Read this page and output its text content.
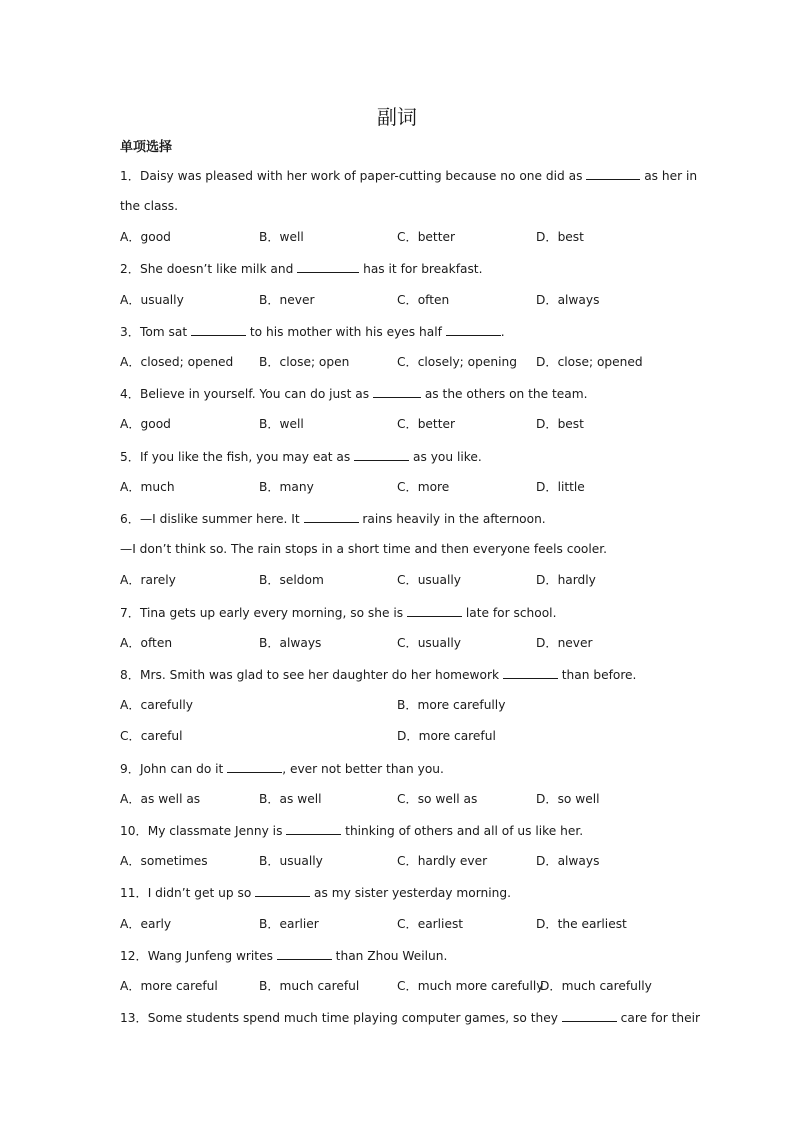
副词
单项选择
1．Daisy was pleased with her work of paper-cutting because no one did as	as her in
the class.
A．good	B．well	C．better	D．best
2．She doesn’t like milk and	has it for breakfast.
A．usually	B．never	C．often	D．always
3．Tom sat	to his mother with his eyes half	.
A．closed; opened B．close; open	C．closely; opening D．close; opened
4．Believe in yourself. You can do just as	as the others on the team.
A．good	B．well	C．better	D．best
5．If you like the fish, you may eat as	as you like.
A．much	B．many	C．more	D．little
6．—I dislike summer here. It	rains heavily in the afternoon.
—I don’t think so. The rain stops in a short time and then everyone feels cooler.
A．rarely	B．seldom	C．usually	D．hardly
7．Tina gets up early every morning, so she is	late for school.
A．often	B．always	C．usually	D．never
8．Mrs. Smith was glad to see her daughter do her homework	than before.
A．carefully	B．more carefully
C．careful	D．more careful
9．John can do it	, ever not better than you.
A．as well as	B．as well	C．so well as	D．so well
10．My classmate Jenny is	thinking of others and all of us like her.
A．sometimes	B．usually	C．hardly ever	D．always
11．I didn’t get up so	as my sister yesterday morning.
A．early	B．earlier	C．earliest	D．the earliest
12．Wang Junfeng writes	than Zhou Weilun.
A．more careful	B．much careful	C．much more carefully
D．much carefully
13．Some students spend much time playing computer games, so they	care for their
